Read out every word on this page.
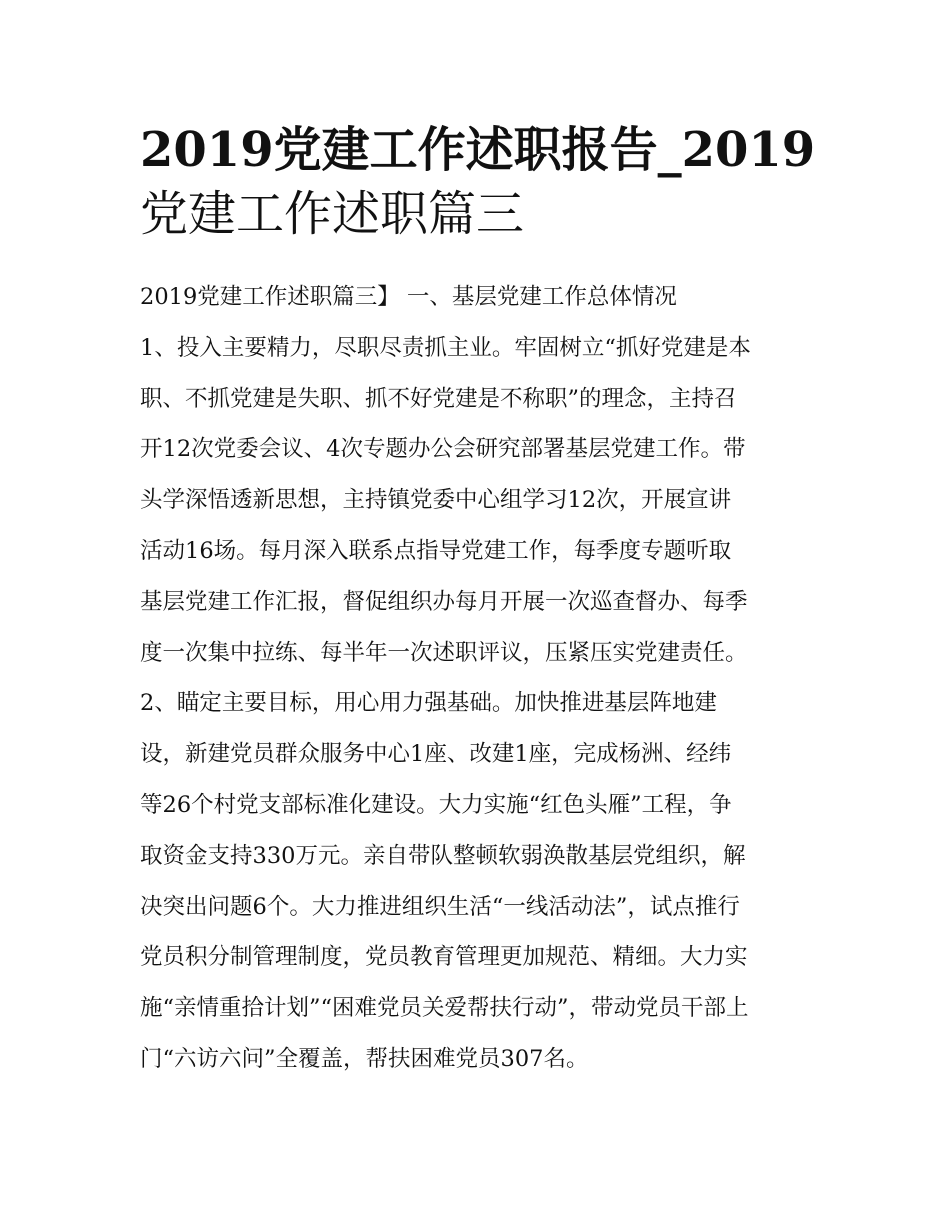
2019党建工作述职报告_2019
党建工作述职篇三
2019党建工作述职篇三】 一、基层党建工作总体情况
1、投入主要精力，尽职尽责抓主业。牢固树立“抓好党建是本
职、不抓党建是失职、抓不好党建是不称职”的理念，主持召
开12次党委会议、4次专题办公会研究部署基层党建工作。带
头学深悟透新思想，主持镇党委中心组学习12次，开展宣讲
活动16场。每月深入联系点指导党建工作，每季度专题听取
基层党建工作汇报，督促组织办每月开展一次巡查督办、每季
度一次集中拉练、每半年一次述职评议，压紧压实党建责任。
2、瞄定主要目标，用心用力强基础。加快推进基层阵地建
设，新建党员群众服务中心1座、改建1座，完成杨洲、经纬
等26个村党支部标准化建设。大力实施“红色头雁”工程，争
取资金支持330万元。亲自带队整顿软弱涣散基层党组织，解
决突出问题6个。大力推进组织生活“一线活动法”，试点推行
党员积分制管理制度，党员教育管理更加规范、精细。大力实
施“亲情重拾计划”“困难党员关爱帮扶行动”，带动党员干部上
门“六访六问”全覆盖，帮扶困难党员307名。
